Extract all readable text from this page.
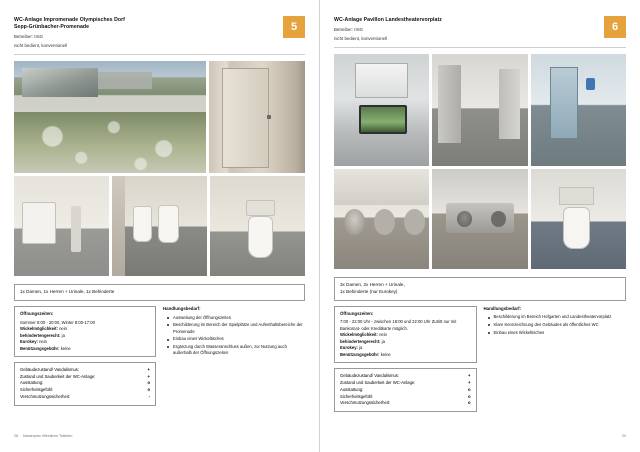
WC-Anlage Impromenade Olympisches Dorf
Sepp-Grünbacher-Promenade
Betreiber: IISG
nicht bedient, konventionell
5
1x Damen, 1x Herren + Urinale, 1x Behinderte
Öffnungszeiten:
Sommer 8:00 - 20:00, Winter 8:00-17:00
Wickelmöglichkeit: nein
behindertengerecht: ja
Eurokey: nein
Benützungsgebühr: keine
Gebäudezustand/ Vandalismus:	+
Zustand und Sauberkeit der WC-Anlage:	+
Ausstattung:	o
Sicherheitsgefühl:	o
Verschmutzungssicherheit:	-
Handlungsbedarf:
Ausweitung der Öffnungszeiten
Beschilderung im Bereich der Spielplätze und Aufenthaltsbereiche der Promenade
Einbau eines Wickeltisches
Ergänzung durch Wasseranschluss außen, zur Nutzung auch außerhalb der Öffnungszeiten
28 Masterplan öffentliche Toiletten
WC-Anlage Pavillon Landestheatervorplatz
Betreiber: IISG
nicht bedient, konventionell
6
3x Damen, 2x Herren + Urinale,
1x Behinderte (nur Eurokey)
Öffnungszeiten:
7:00 - 22:00 Uhr - zwischen 18:00 und 22:00 Uhr Zutritt nur mit Bankomat- oder Kreditkarte möglich.
Wickelmöglichkeit: nein
behindertengerecht: ja
Eurokey: ja
Benützungsgebühr: keine
Gebäudezustand/ Vandalismus:	+
Zustand und Sauberkeit der WC-Anlage:	+
Ausstattung:	o
Sicherheitsgefühl:	o
Verschmutzungssicherheit:	o
Handlungsbedarf:
Beschilderung im Bereich Hofgarten und Landestheatervorplatz
Klare Kennzeichnung des Gebäudes als öffentliches WC
Einbau eines Wickeltisches
29
